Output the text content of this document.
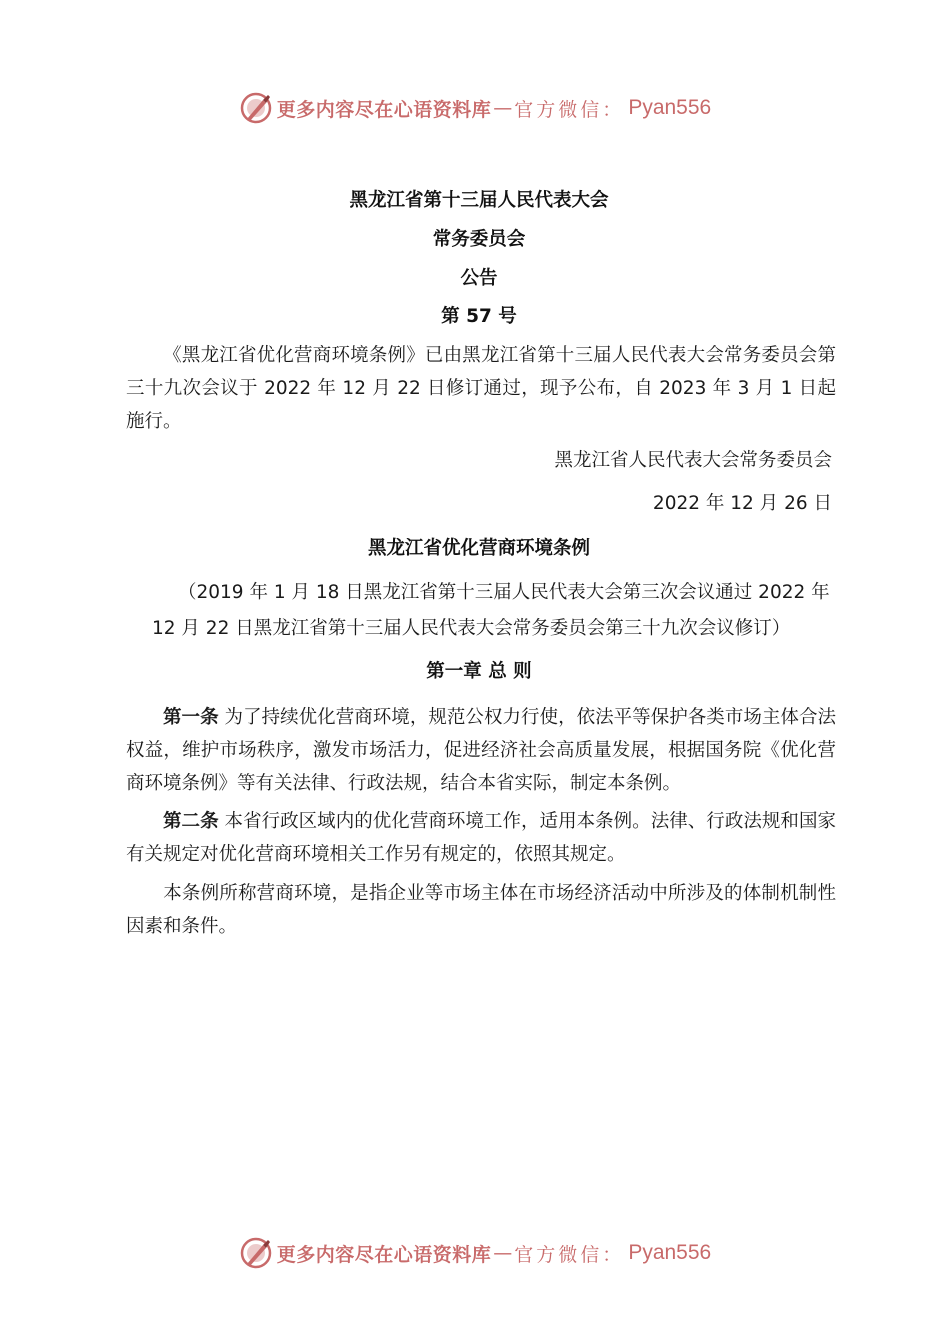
更多内容尽在心语资料库 — 官方微信： Pyan556
黑龙江省第十三届人民代表大会
常务委员会
公告
第 57 号
《黑龙江省优化营商环境条例》已由黑龙江省第十三届人民代表大会常务委员会第三十九次会议于 2022 年 12 月 22 日修订通过，现予公布，自 2023 年 3 月 1 日起施行。
黑龙江省人民代表大会常务委员会
2022 年 12 月 26 日
黑龙江省优化营商环境条例
（2019 年 1 月 18 日黑龙江省第十三届人民代表大会第三次会议通过 2022 年
12 月 22 日黑龙江省第十三届人民代表大会常务委员会第三十九次会议修订）
第一章 总 则
第一条 为了持续优化营商环境，规范公权力行使，依法平等保护各类市场主体合法权益，维护市场秩序，激发市场活力，促进经济社会高质量发展，根据国务院《优化营商环境条例》等有关法律、行政法规，结合本省实际，制定本条例。
第二条 本省行政区域内的优化营商环境工作，适用本条例。法律、行政法规和国家有关规定对优化营商环境相关工作另有规定的，依照其规定。
本条例所称营商环境，是指企业等市场主体在市场经济活动中所涉及的体制机制性因素和条件。
更多内容尽在心语资料库 — 官方微信： Pyan556
